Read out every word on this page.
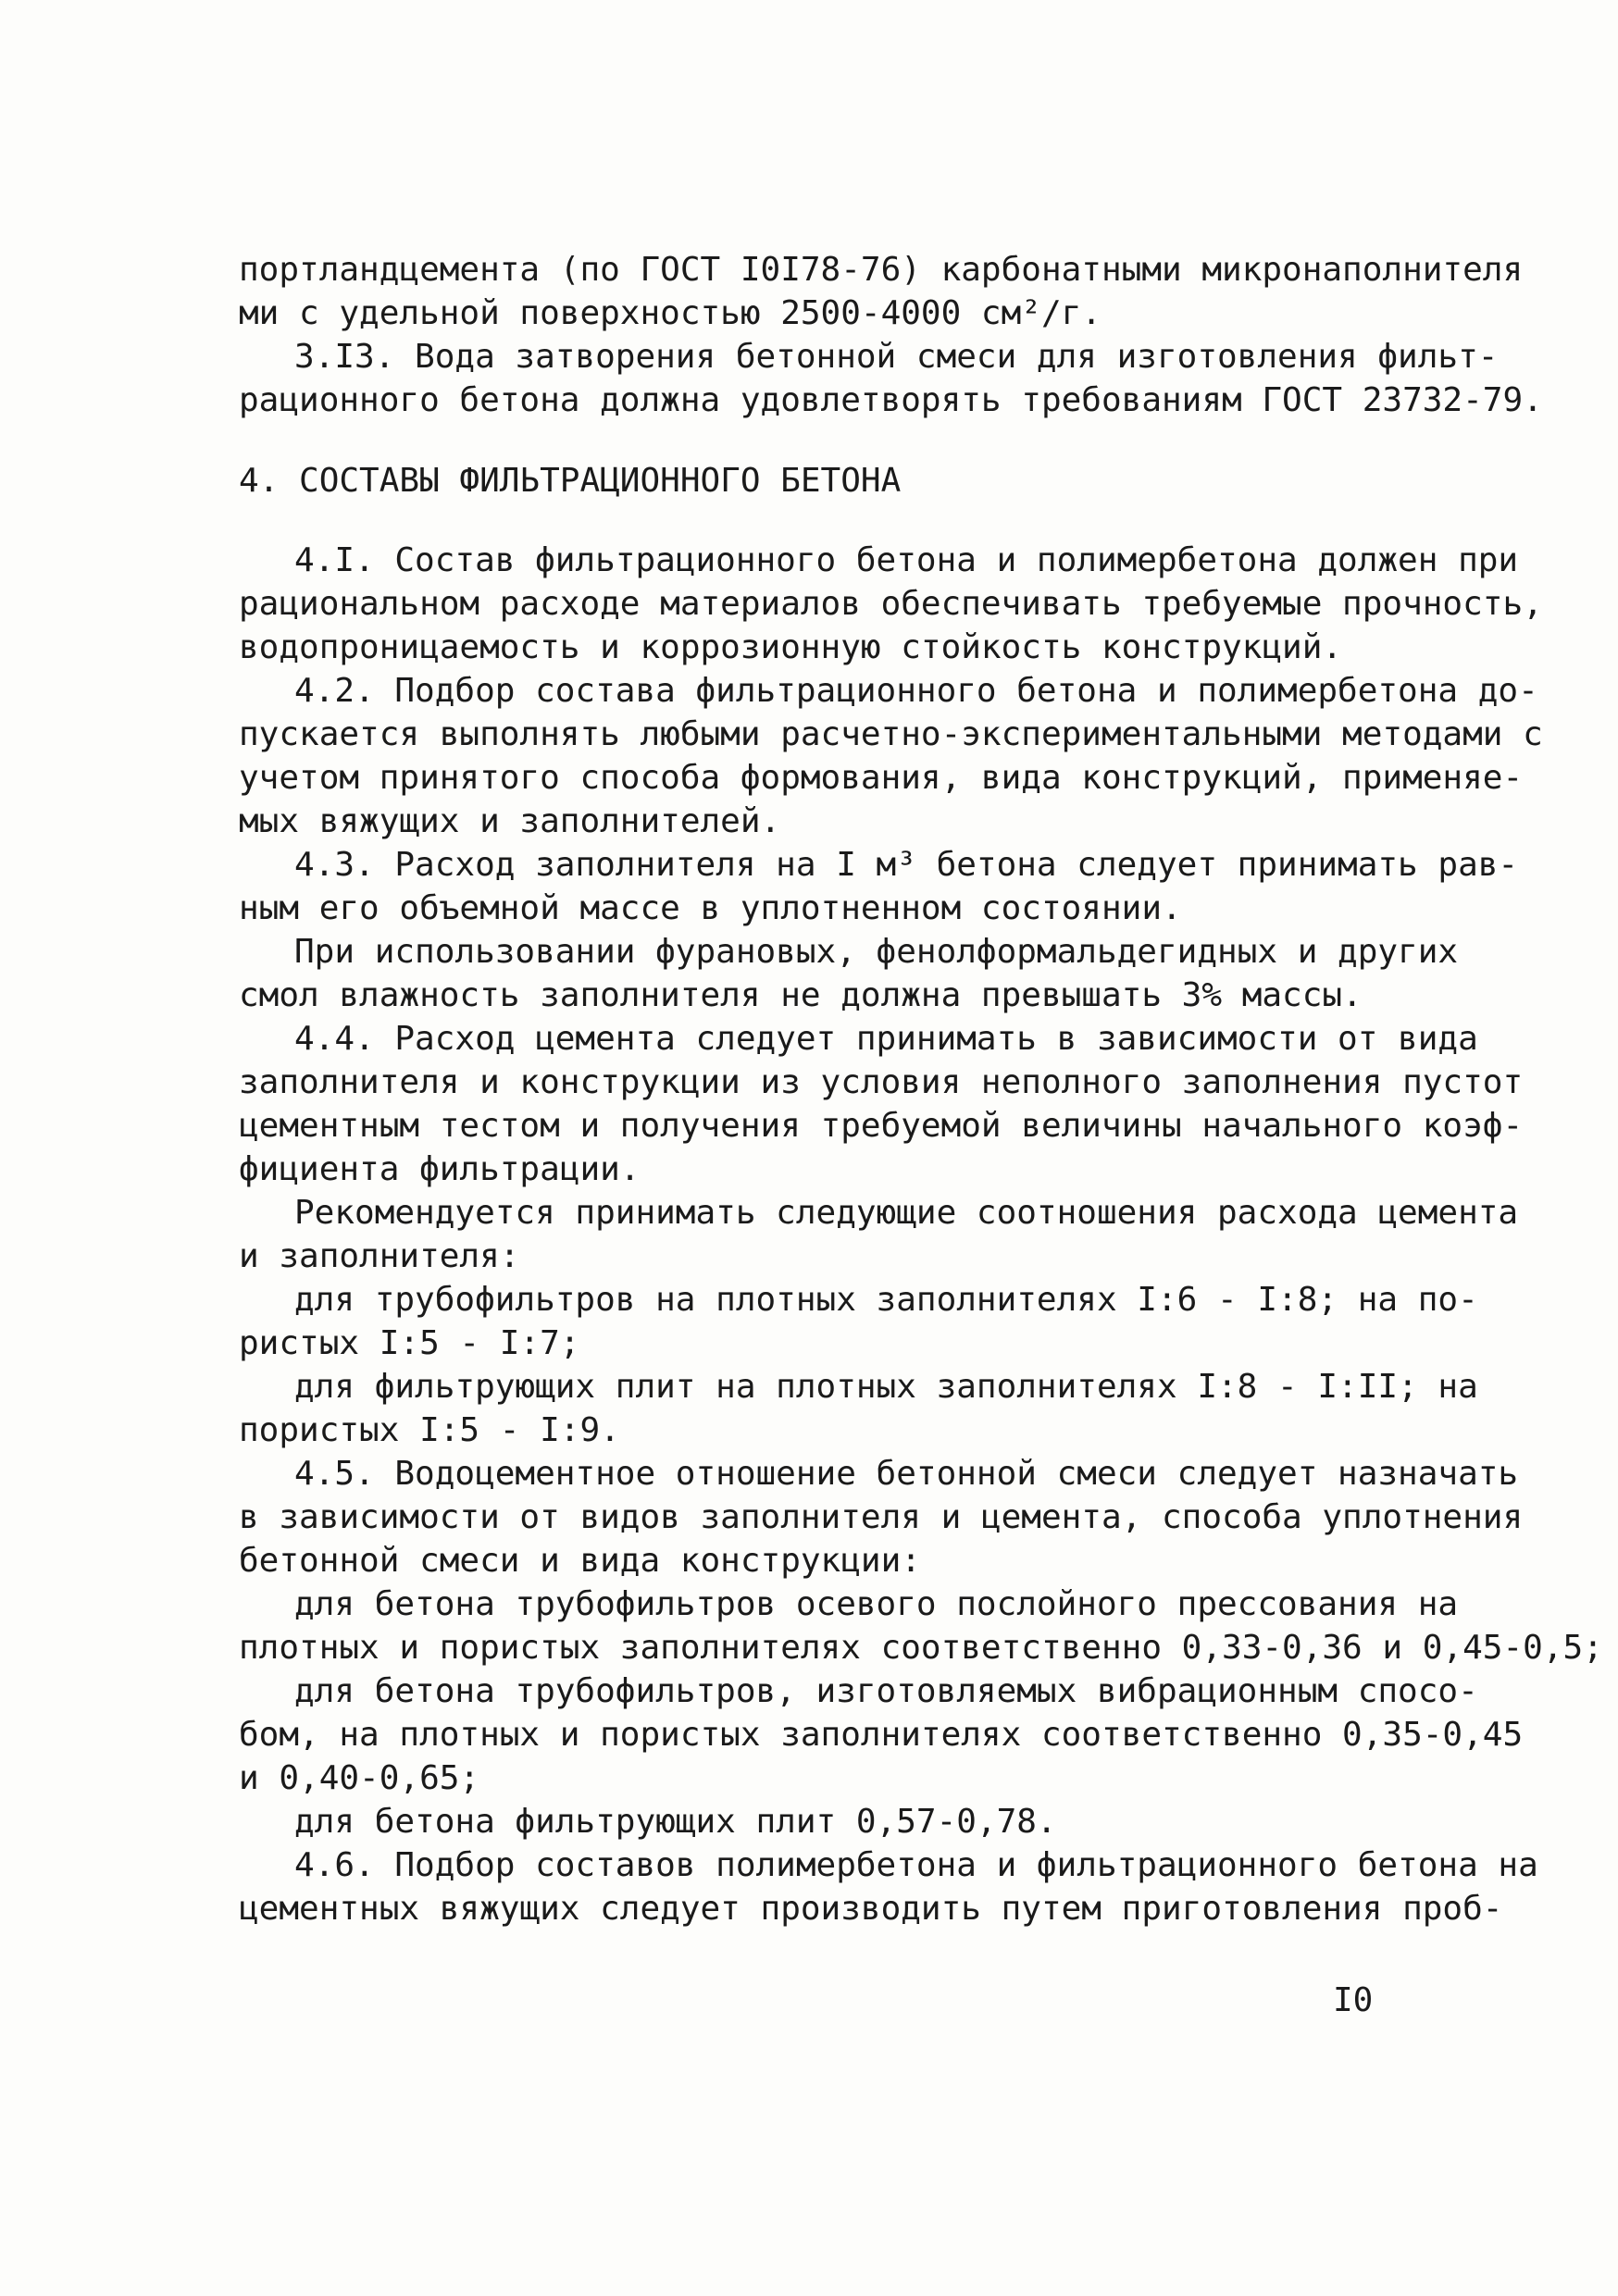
портландцемента (по ГОСТ I0I78-76) карбонатными микронаполнителя
ми с удельной поверхностью 2500-4000 см²/г.
3.I3. Вода затворения бетонной смеси для изготовления фильт-
рационного бетона должна удовлетворять требованиям ГОСТ 23732-79.
4. СОСТАВЫ ФИЛЬТРАЦИОННОГО БЕТОНА
4.I. Состав фильтрационного бетона и полимербетона должен при
рациональном расходе материалов обеспечивать требуемые прочность,
водопроницаемость и коррозионную стойкость конструкций.
4.2. Подбор состава фильтрационного бетона и полимербетона до-
пускается выполнять любыми расчетно-экспериментальными методами с
учетом принятого способа формования, вида конструкций, применяе-
мых вяжущих и заполнителей.
4.3. Расход заполнителя на I м³ бетона следует принимать рав-
ным его объемной массе в уплотненном состоянии.
При использовании фурановых, фенолформальдегидных и других
смол влажность заполнителя не должна превышать 3% массы.
4.4. Расход цемента следует принимать в зависимости от вида
заполнителя и конструкции из условия неполного заполнения пустот
цементным тестом и получения требуемой величины начального коэф-
фициента фильтрации.
Рекомендуется принимать следующие соотношения расхода цемента
и заполнителя:
для трубофильтров на плотных заполнителях I:6 - I:8; на по-
ристых I:5 - I:7;
для фильтрующих плит на плотных заполнителях I:8 - I:II; на
пористых I:5 - I:9.
4.5. Водоцементное отношение бетонной смеси следует назначать
в зависимости от видов заполнителя и цемента, способа уплотнения
бетонной смеси и вида конструкции:
для бетона трубофильтров осевого послойного прессования на
плотных и пористых заполнителях соответственно 0,33-0,36 и 0,45-0,5;
для бетона трубофильтров, изготовляемых вибрационным спосо-
бом, на плотных и пористых заполнителях соответственно 0,35-0,45
и 0,40-0,65;
для бетона фильтрующих плит 0,57-0,78.
4.6. Подбор составов полимербетона и фильтрационного бетона на
цементных вяжущих следует производить путем приготовления проб-
I0
